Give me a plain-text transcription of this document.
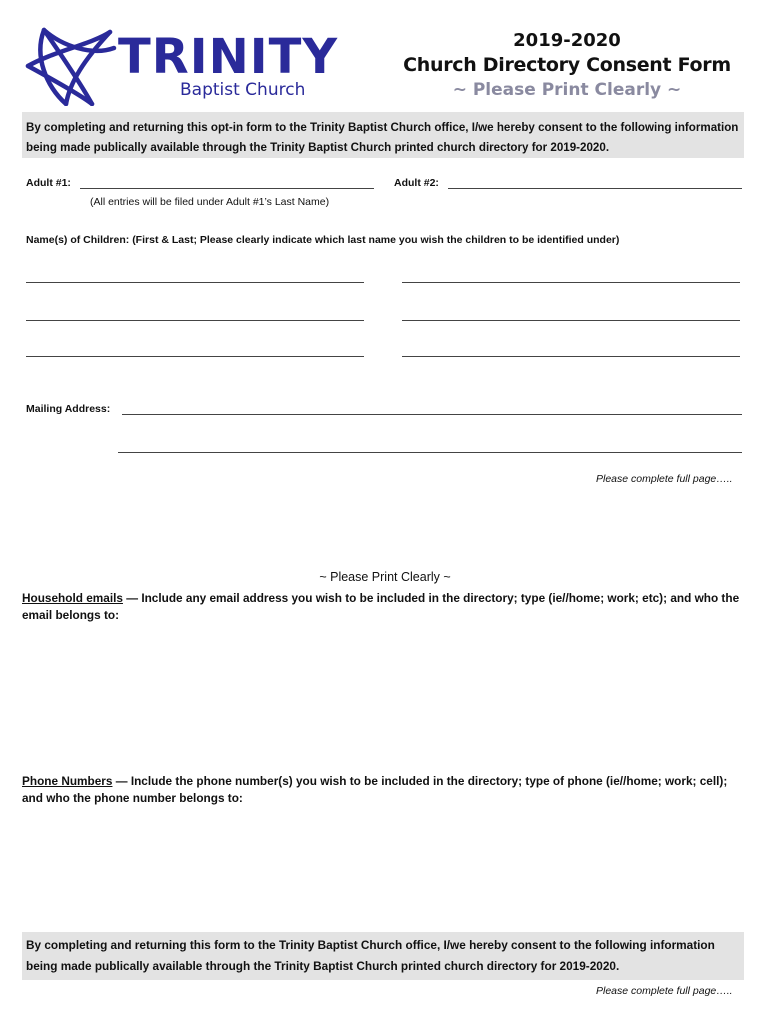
TRINITY
Baptist Church
2019-2020
Church Directory Consent Form
~ Please Print Clearly ~
By completing and returning this opt-in form to the Trinity Baptist Church office, I/we hereby consent to the following information being made publically available through the Trinity Baptist Church printed church directory for 2019-2020.
Adult #1:	Adult #2:
(All entries will be filed under Adult #1’s Last Name)
Name(s) of Children: (First & Last; Please clearly indicate which last name you wish the children to be identified under)
Mailing Address:
Please complete full page…..
~ Please Print Clearly ~
Household emails — Include any email address you wish to be included in the directory; type (ie//home; work; etc); and who the email belongs to:
Phone Numbers — Include the phone number(s) you wish to be included in the directory; type of phone (ie//home; work; cell); and who the phone number belongs to:
By completing and returning this form to the Trinity Baptist Church office, I/we hereby consent to the following information being made publically available through the Trinity Baptist Church printed church directory for 2019-2020.
Please complete full page…..
